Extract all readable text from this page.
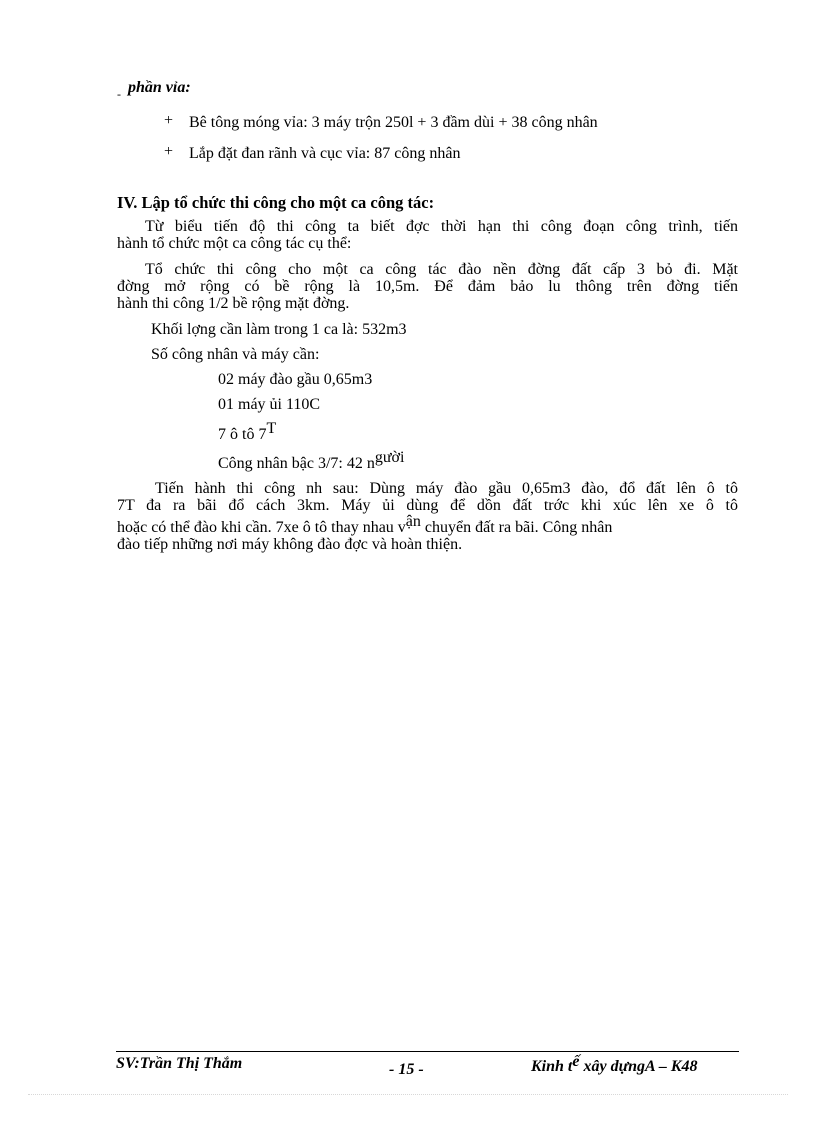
- phần vỉa:
+ Bê tông móng vỉa: 3 máy trộn 250l + 3 đầm dùi + 38 công nhân
+ Lắp đặt đan rãnh và cục vỉa: 87 công nhân
IV. Lập tổ chức thi công cho một ca công tác:
Từ biểu tiến độ thi công ta biết đợc thời hạn thi công đoạn công trình, tiến
hành tổ chức một ca công tác cụ thể:
Tổ chức thi công cho một ca công tác đào nền đờng đất cấp 3 bỏ đi. Mặt
đờng mở rộng có bề rộng là 10,5m. Để đảm bảo lu thông trên đờng tiến
hành thi công 1/2 bề rộng mặt đờng.
Khối lợng cần làm trong 1 ca là: 532m3
Số công nhân và máy cần:
02 máy đào gầu 0,65m3
01 máy ủi 110C
7 ô tô 7T
Công nhân bậc 3/7: 42 người
Tiến hành thi công nh sau: Dùng máy đào gầu 0,65m3 đào, đổ đất lên ô tô
7T đa ra bãi đổ cách 3km. Máy ủi dùng để dồn đất trớc khi xúc lên xe ô tô
hoặc có thể đào khi cần. 7xe ô tô thay nhau vận chuyển đất ra bãi. Công nhân
đào tiếp những nơi máy không đào đợc và hoàn thiện.
SV:Trần Thị Thắm	- 15 -	Kinh tế xây dựngA – K48
